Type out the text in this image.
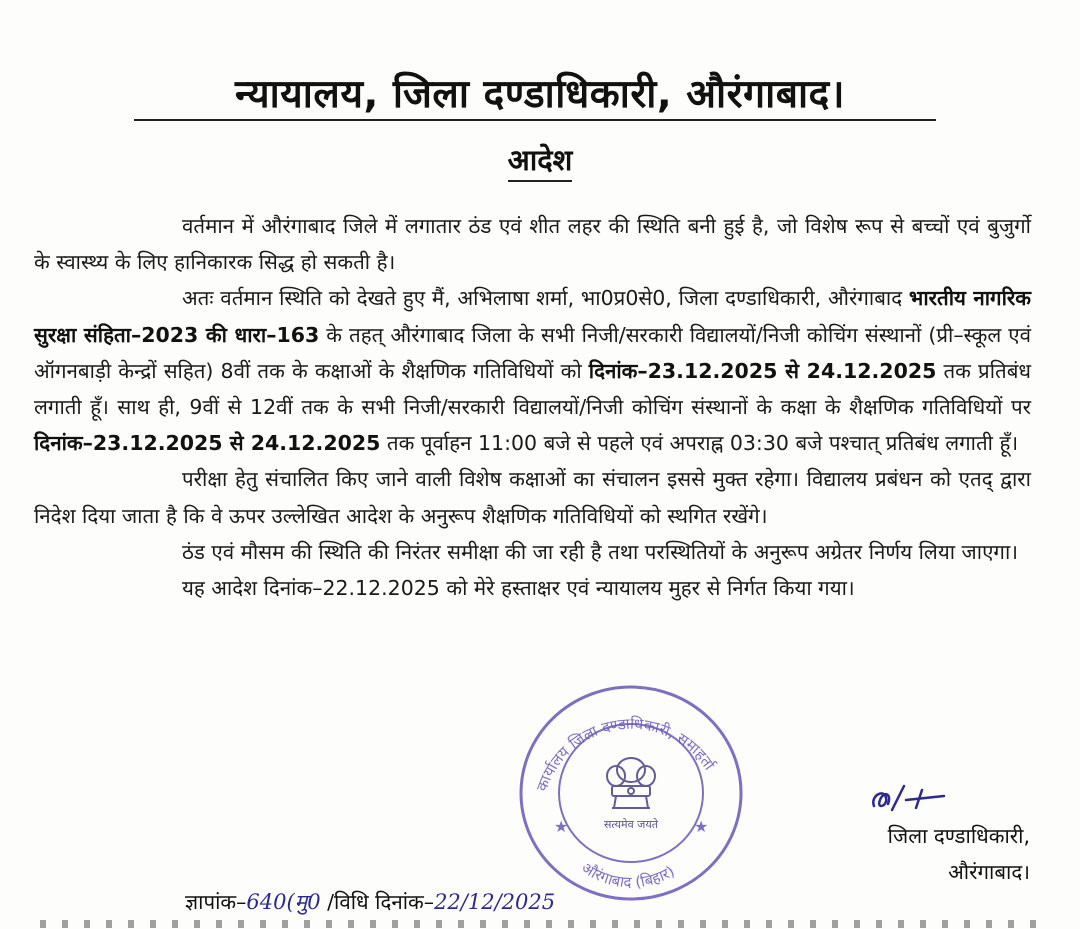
न्यायालय, जिला दण्डाधिकारी, औरंगाबाद।
आदेश

वर्तमान में औरंगाबाद जिले में लगातार ठंड एवं शीत लहर की स्थिति बनी हुई है, जो विशेष रूप से बच्चों एवं बुजुर्गो के स्वास्थ्य के लिए हानिकारक सिद्ध हो सकती है।

अतः वर्तमान स्थिति को देखते हुए मैं, अभिलाषा शर्मा, भा0प्र0से0, जिला दण्डाधिकारी, औरंगाबाद भारतीय नागरिक सुरक्षा संहिता–2023 की धारा–163 के तहत् औरंगाबाद जिला के सभी निजी/सरकारी विद्यालयों/निजी कोचिंग संस्थानों (प्री–स्कूल एवं ऑगनबाड़ी केन्द्रों सहित) 8वीं तक के कक्षाओं के शैक्षणिक गतिविधियों को दिनांक–23.12.2025 से 24.12.2025 तक प्रतिबंध लगाती हूँ। साथ ही, 9वीं से 12वीं तक के सभी निजी/सरकारी विद्यालयों/निजी कोचिंग संस्थानों के कक्षा के शैक्षणिक गतिविधियों पर दिनांक–23.12.2025 से 24.12.2025 तक पूर्वाहन 11:00 बजे से पहले एवं अपराह्न 03:30 बजे पश्चात् प्रतिबंध लगाती हूँ।

परीक्षा हेतु संचालित किए जाने वाली विशेष कक्षाओं का संचालन इससे मुक्त रहेगा। विद्यालय प्रबंधन को एतद् द्वारा निदेश दिया जाता है कि वे ऊपर उल्लेखित आदेश के अनुरूप शैक्षणिक गतिविधियों को स्थगित रखेंगे।

ठंड एवं मौसम की स्थिति की निरंतर समीक्षा की जा रही है तथा परस्थितियों के अनुरूप अग्रेतर निर्णय लिया जाएगा।

यह आदेश दिनांक–22.12.2025 को मेरे हस्ताक्षर एवं न्यायालय मुहर से निर्गत किया गया।

कार्यालय जिला दण्डाधिकारी, समाहर्ता
औरंगाबाद (बिहार)
★	★
सत्यमेव जयते	जिला दण्डाधिकारी,
औरंगाबाद।
ज्ञापांक–640(मु0 /विधि दिनांक–22/12/2025
